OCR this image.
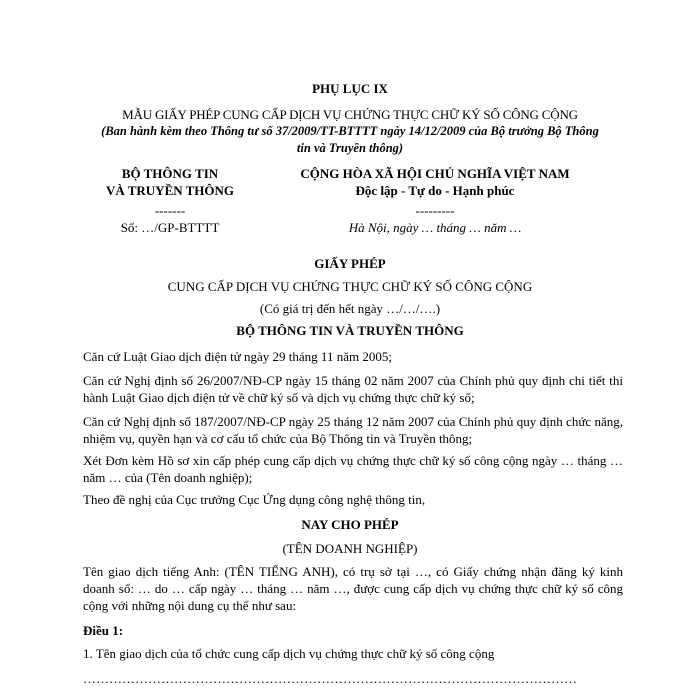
PHỤ LỤC IX
MẪU GIẤY PHÉP CUNG CẤP DỊCH VỤ CHỨNG THỰC CHỮ KÝ SỐ CÔNG CỘNG
(Ban hành kèm theo Thông tư số 37/2009/TT-BTTTT ngày 14/12/2009 của Bộ trưởng Bộ Thông
tin và Truyền thông)
BỘ THÔNG TIN
VÀ TRUYỀN THÔNG
-------
Số: …/GP-BTTTT
CỘNG HÒA XÃ HỘI CHỦ NGHĨA VIỆT NAM
Độc lập - Tự do - Hạnh phúc
---------
Hà Nội, ngày … tháng … năm …
GIẤY PHÉP
CUNG CẤP DỊCH VỤ CHỨNG THỰC CHỮ KÝ SỐ CÔNG CỘNG
(Có giá trị đến hết ngày …/…/….)
BỘ THÔNG TIN VÀ TRUYỀN THÔNG
Căn cứ Luật Giao dịch điện tử ngày 29 tháng 11 năm 2005;
Căn cứ Nghị định số 26/2007/NĐ-CP ngày 15 tháng 02 năm 2007 của Chính phủ quy định chi tiết thi hành Luật Giao dịch điện tử về chữ ký số và dịch vụ chứng thực chữ ký số;
Căn cứ Nghị định số 187/2007/NĐ-CP ngày 25 tháng 12 năm 2007 của Chính phủ quy định chức năng, nhiệm vụ, quyền hạn và cơ cấu tổ chức của Bộ Thông tin và Truyền thông;
Xét Đơn kèm Hồ sơ xin cấp phép cung cấp dịch vụ chứng thực chữ ký số công cộng ngày … tháng … năm … của (Tên doanh nghiệp);
Theo đề nghị của Cục trưởng Cục Ứng dụng công nghệ thông tin,
NAY CHO PHÉP
(TÊN DOANH NGHIỆP)
Tên giao dịch tiếng Anh: (TÊN TIẾNG ANH), có trụ sở tại …, có Giấy chứng nhận đăng ký kinh doanh số: … do … cấp ngày … tháng … năm …, được cung cấp dịch vụ chứng thực chữ ký số công cộng với những nội dung cụ thể như sau:
Điều 1:
1. Tên giao dịch của tổ chức cung cấp dịch vụ chứng thực chữ ký số công cộng
……………………………………………………………………………………………………
